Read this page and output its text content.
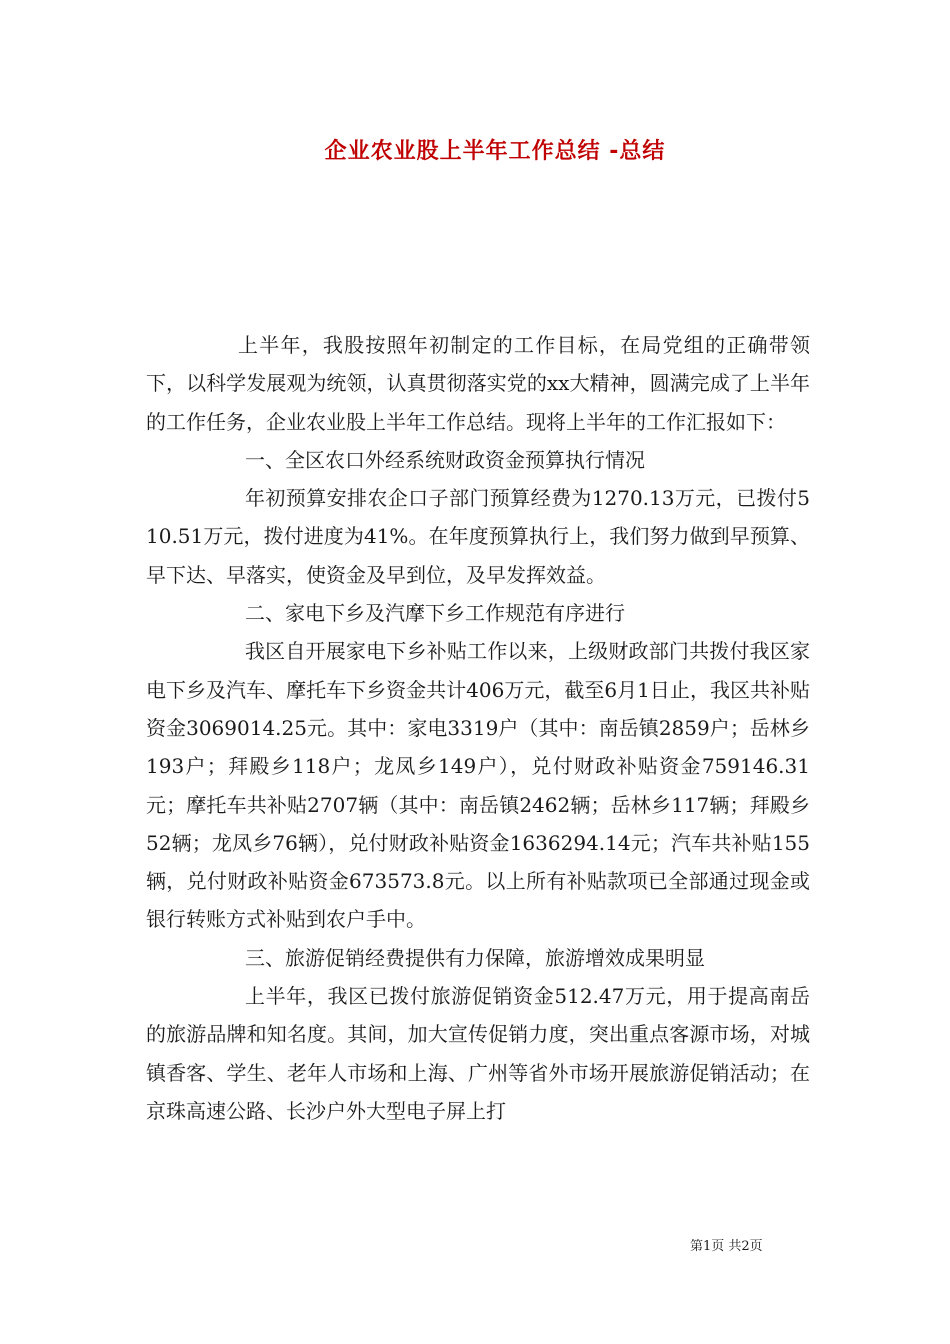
企业农业股上半年工作总结 -总结

上半年，我股按照年初制定的工作目标，在局党组的正确带领下，以科学发展观为统领，认真贯彻落实党的xx大精神，圆满完成了上半年的工作任务，企业农业股上半年工作总结。现将上半年的工作汇报如下：

一、全区农口外经系统财政资金预算执行情况

年初预算安排农企口子部门预算经费为1270.13万元，已拨付510.51万元，拨付进度为41%。在年度预算执行上，我们努力做到早预算、早下达、早落实，使资金及早到位，及早发挥效益。

二、家电下乡及汽摩下乡工作规范有序进行

我区自开展家电下乡补贴工作以来，上级财政部门共拨付我区家电下乡及汽车、摩托车下乡资金共计406万元，截至6月1日止，我区共补贴资金3069014.25元。其中：家电3319户（其中：南岳镇2859户；岳林乡193户；拜殿乡118户；龙凤乡149户），兑付财政补贴资金759146.31元；摩托车共补贴2707辆（其中：南岳镇2462辆；岳林乡117辆；拜殿乡52辆；龙凤乡76辆），兑付财政补贴资金1636294.14元；汽车共补贴155辆，兑付财政补贴资金673573.8元。以上所有补贴款项已全部通过现金或银行转账方式补贴到农户手中。

三、旅游促销经费提供有力保障，旅游增效成果明显

上半年，我区已拨付旅游促销资金512.47万元，用于提高南岳的旅游品牌和知名度。其间，加大宣传促销力度，突出重点客源市场，对城镇香客、学生、老年人市场和上海、广州等省外市场开展旅游促销活动；在京珠高速公路、长沙户外大型电子屏上打

第1页 共2页
